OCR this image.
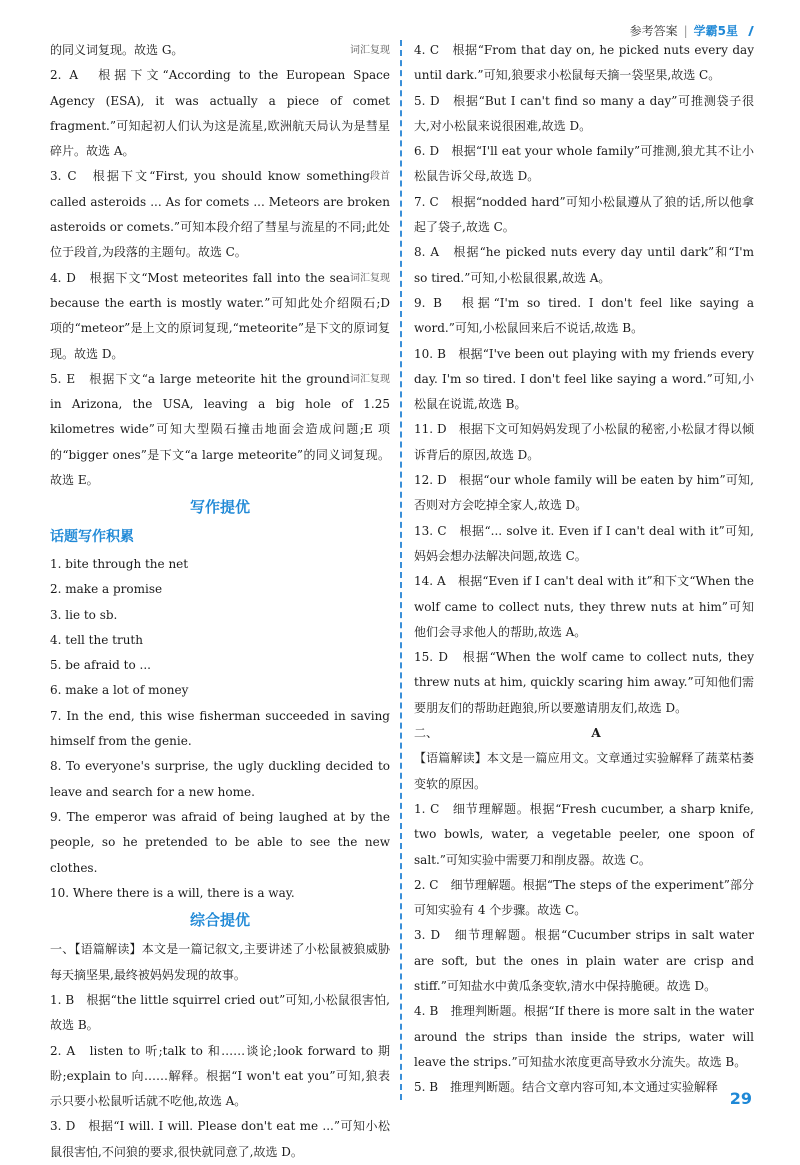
参考答案 | 学霸5星

词汇复现
的同义词复现。故选 G。

2. A　根据下文“According to the European Space Agency (ESA), it was actually a piece of comet fragment.”可知起初人们认为这是流星,欧洲航天局认为是彗星碎片。故选 A。

段首
3. C　根据下文“First, you should know something called asteroids ... As for comets ... Meteors are broken asteroids or comets.”可知本段介绍了彗星与流星的不同;此处位于段首,为段落的主题句。故选 C。

词汇复现
4. D　根据下文“Most meteorites fall into the sea because the earth is mostly water.”可知此处介绍陨石;D 项的“meteor”是上文的原词复现,“meteorite”是下文的原词复现。故选 D。

词汇复现
5. E　根据下文“a large meteorite hit the ground in Arizona, the USA, leaving a big hole of 1.25 kilometres wide”可知大型陨石撞击地面会造成问题;E 项的“bigger ones”是下文“a large meteorite”的同义词复现。故选 E。

写作提优
话题写作积累

1. bite through the net

2. make a promise

3. lie to sb.

4. tell the truth

5. be afraid to ...

6. make a lot of money

7. In the end, this wise fisherman succeeded in saving himself from the genie.

8. To everyone's surprise, the ugly duckling decided to leave and search for a new home.

9. The emperor was afraid of being laughed at by the people, so he pretended to be able to see the new clothes.

10. Where there is a will, there is a way.

综合提优

一、【语篇解读】本文是一篇记叙文,主要讲述了小松鼠被狼威胁每天摘坚果,最终被妈妈发现的故事。

1. B　根据“the little squirrel cried out”可知,小松鼠很害怕,故选 B。

2. A　listen to 听;talk to 和……谈论;look forward to 期盼;explain to 向……解释。根据“I won't eat you”可知,狼表示只要小松鼠听话就不吃他,故选 A。

3. D　根据“I will. I will. Please don't eat me ...”可知小松鼠很害怕,不问狼的要求,很快就同意了,故选 D。

4. C　根据“From that day on, he picked nuts every day until dark.”可知,狼要求小松鼠每天摘一袋坚果,故选 C。

5. D　根据“But I can't find so many a day”可推测袋子很大,对小松鼠来说很困难,故选 D。

6. D　根据“I'll eat your whole family”可推测,狼尤其不让小松鼠告诉父母,故选 D。

7. C　根据“nodded hard”可知小松鼠遵从了狼的话,所以他拿起了袋子,故选 C。

8. A　根据“he picked nuts every day until dark”和“I'm so tired.”可知,小松鼠很累,故选 A。

9. B　根据“I'm so tired. I don't feel like saying a word.”可知,小松鼠回来后不说话,故选 B。

10. B　根据“I've been out playing with my friends every day. I'm so tired. I don't feel like saying a word.”可知,小松鼠在说谎,故选 B。

11. D　根据下文可知妈妈发现了小松鼠的秘密,小松鼠才得以倾诉背后的原因,故选 D。

12. D　根据“our whole family will be eaten by him”可知,否则对方会吃掉全家人,故选 D。

13. C　根据“... solve it. Even if I can't deal with it”可知,妈妈会想办法解决问题,故选 C。

14. A　根据“Even if I can't deal with it”和下文“When the wolf came to collect nuts, they threw nuts at him”可知他们会寻求他人的帮助,故选 A。

15. D　根据“When the wolf came to collect nuts, they threw nuts at him, quickly scaring him away.”可知他们需要朋友们的帮助赶跑狼,所以要邀请朋友们,故选 D。

二、	A

【语篇解读】本文是一篇应用文。文章通过实验解释了蔬菜枯萎变软的原因。

1. C　细节理解题。根据“Fresh cucumber, a sharp knife, two bowls, water, a vegetable peeler, one spoon of salt.”可知实验中需要刀和削皮器。故选 C。

2. C　细节理解题。根据“The steps of the experiment”部分可知实验有 4 个步骤。故选 C。

3. D　细节理解题。根据“Cucumber strips in salt water are soft, but the ones in plain water are crisp and stiff.”可知盐水中黄瓜条变软,清水中保持脆硬。故选 D。

4. B　推理判断题。根据“If there is more salt in the water around the strips than inside the strips, water will leave the strips.”可知盐水浓度更高导致水分流失。故选 B。

5. B　推理判断题。结合文章内容可知,本文通过实验解释

29
